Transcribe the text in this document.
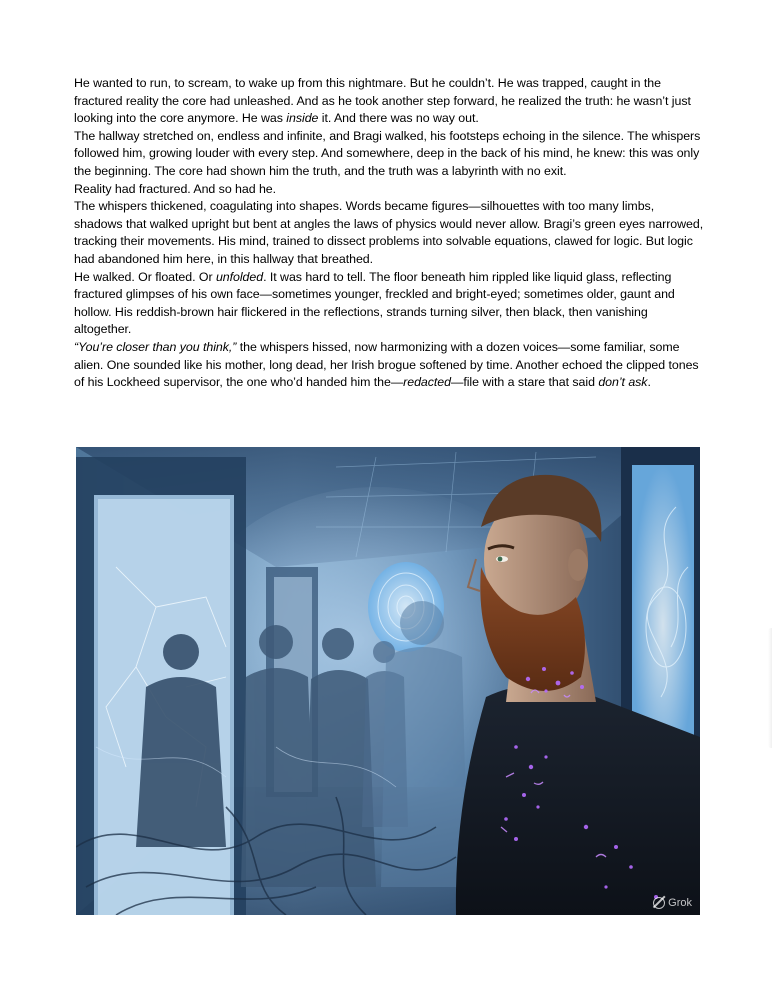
He wanted to run, to scream, to wake up from this nightmare. But he couldn’t. He was trapped, caught in the fractured reality the core had unleashed. And as he took another step forward, he realized the truth: he wasn’t just looking into the core anymore. He was inside it. And there was no way out.

The hallway stretched on, endless and infinite, and Bragi walked, his footsteps echoing in the silence. The whispers followed him, growing louder with every step. And somewhere, deep in the back of his mind, he knew: this was only the beginning. The core had shown him the truth, and the truth was a labyrinth with no exit.

Reality had fractured. And so had he.

The whispers thickened, coagulating into shapes. Words became figures—silhouettes with too many limbs, shadows that walked upright but bent at angles the laws of physics would never allow. Bragi’s green eyes narrowed, tracking their movements. His mind, trained to dissect problems into solvable equations, clawed for logic. But logic had abandoned him here, in this hallway that breathed.

He walked. Or floated. Or unfolded. It was hard to tell. The floor beneath him rippled like liquid glass, reflecting fractured glimpses of his own face—sometimes younger, freckled and bright-eyed; sometimes older, gaunt and hollow. His reddish-brown hair flickered in the reflections, strands turning silver, then black, then vanishing altogether.

“You’re closer than you think,” the whispers hissed, now harmonizing with a dozen voices—some familiar, some alien. One sounded like his mother, long dead, her Irish brogue softened by time. Another echoed the clipped tones of his Lockheed supervisor, the one who’d handed him the—redacted—file with a stare that said don’t ask.

Grok
